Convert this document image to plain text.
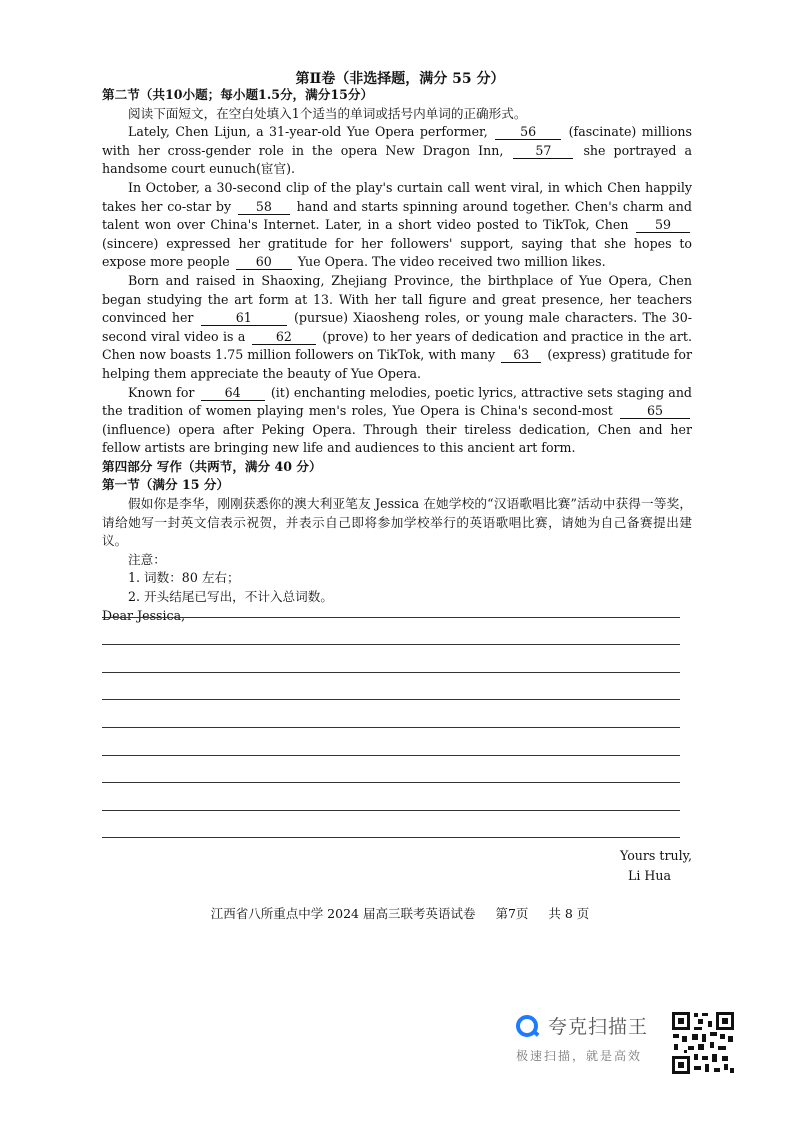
第Ⅱ卷（非选择题，满分 55 分）

第二节（共10小题；每小题1.5分，满分15分）

阅读下面短文，在空白处填入1个适当的单词或括号内单词的正确形式。

Lately, Chen Lijun, a 31-year-old Yue Opera performer,	56	(fascinate) millions with her cross-gender role in the opera New Dragon Inn,	57	she portrayed a handsome court eunuch(宦官).

In October, a 30-second clip of the play's curtain call went viral, in which Chen happily takes her co-star by 58 hand and starts spinning around together. Chen's charm and talent won over China's Internet. Later, in a short video posted to TikTok, Chen 59 (sincere) expressed her gratitude for her followers' support, saying that she hopes to expose more people 60 Yue Opera. The video received two million likes.

Born and raised in Shaoxing, Zhejiang Province, the birthplace of Yue Opera, Chen began studying the art form at 13. With her tall figure and great presence, her teachers convinced her	61	(pursue) Xiaosheng roles, or young male characters. The 30-second viral video is a 62 (prove) to her years of dedication and practice in the art. Chen now boasts 1.75 million followers on TikTok, with many 63 (express) gratitude for helping them appreciate the beauty of Yue Opera.

Known for 64 (it) enchanting melodies, poetic lyrics, attractive sets staging and the tradition of women playing men's roles, Yue Opera is China's second-most	65 (influence) opera after Peking Opera. Through their tireless dedication, Chen and her fellow artists are bringing new life and audiences to this ancient art form.

第四部分 写作（共两节，满分 40 分）

第一节（满分 15 分）

假如你是李华，刚刚获悉你的澳大利亚笔友 Jessica 在她学校的“汉语歌唱比赛”活动中获得一等奖，请给她写一封英文信表示祝贺，并表示自己即将参加学校举行的英语歌唱比赛，请她为自己备赛提出建议。

注意：

1. 词数：80 左右；

2. 开头结尾已写出，不计入总词数。

Dear Jessica,

Yours truly,
Li Hua
江西省八所重点中学 2024 届高三联考英语试卷 第7页 共 8 页
夸克扫描王
极速扫描，就是高效
